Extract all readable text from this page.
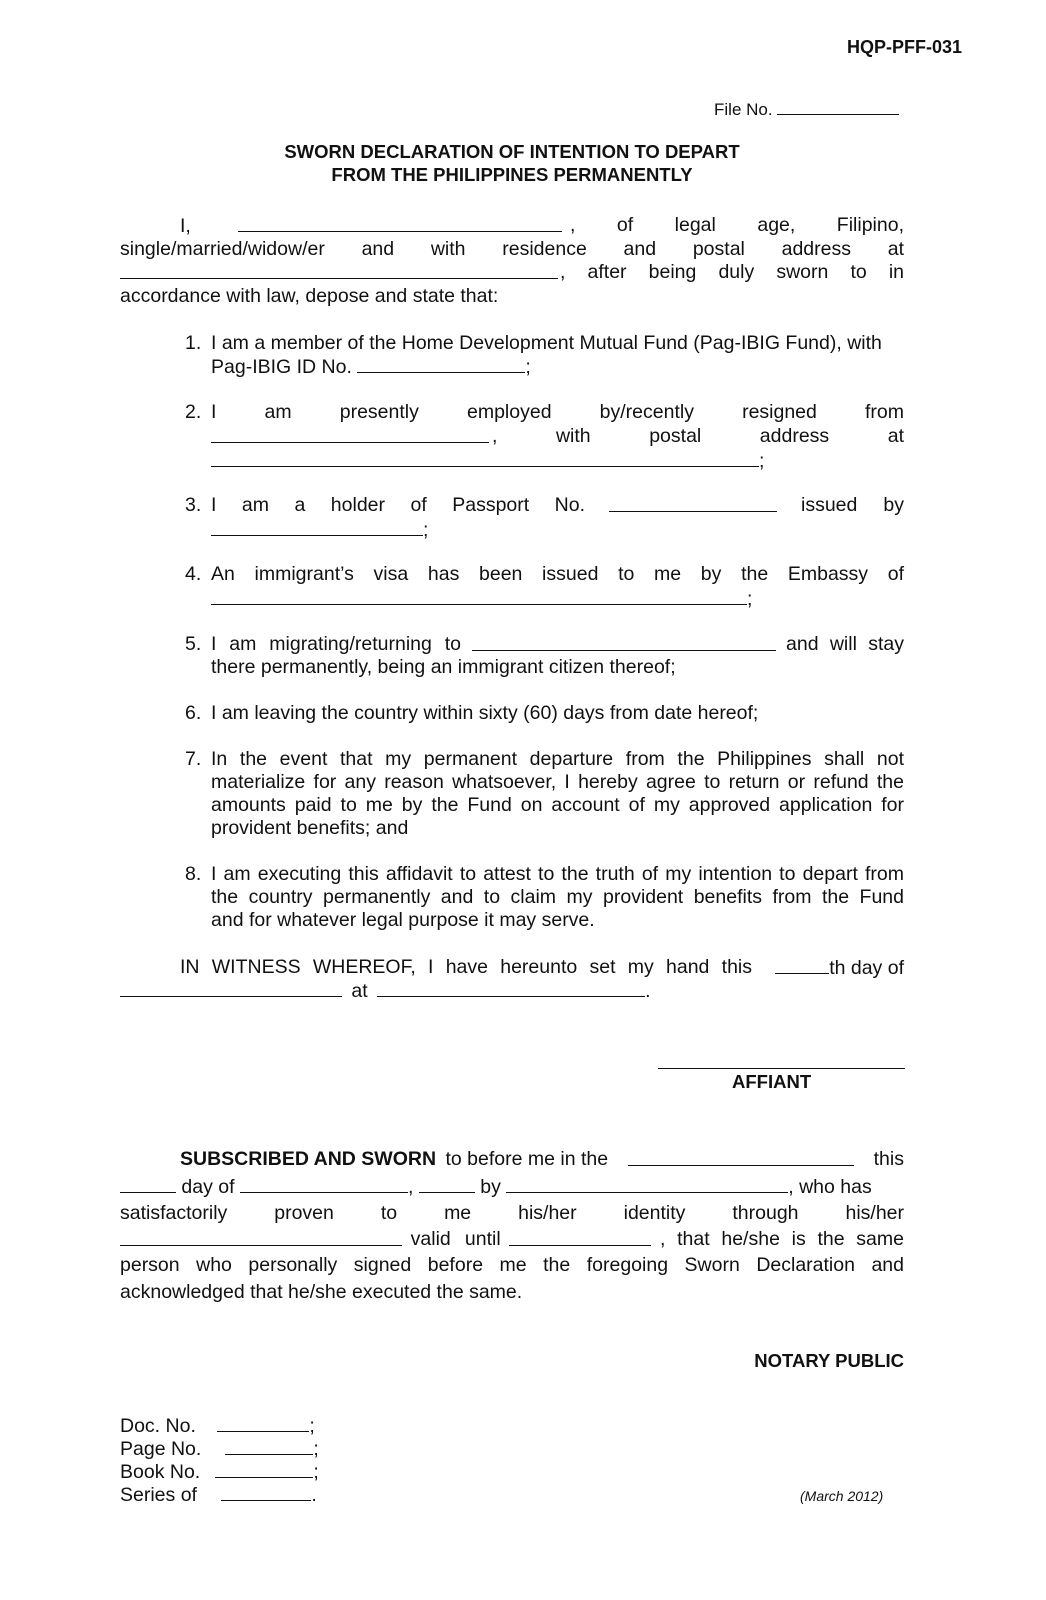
HQP-PFF-031
File No.
SWORN DECLARATION OF INTENTION TO DEPART
FROM THE PHILIPPINES PERMANENTLY
I,	, of legal age, Filipino,
single/married/widow/er and with residence and postal address at
, after being duly sworn to in
accordance with law, depose and state that:
1. I am a member of the Home Development Mutual Fund (Pag-IBIG Fund), with
Pag-IBIG ID No.	;
2. I am presently employed by/recently resigned from
, with postal address at
;
3. I am a holder of Passport No.	issued by
;
4. An immigrant’s visa has been issued to me by the Embassy of
;
5. I am migrating/returning to	and will stay
there permanently, being an immigrant citizen thereof;
6. I am leaving the country within sixty (60) days from date hereof;
7. In the event that my permanent departure from the Philippines shall not
materialize for any reason whatsoever, I hereby agree to return or refund the
amounts paid to me by the Fund on account of my approved application for
provident benefits; and
8. I am executing this affidavit to attest to the truth of my intention to depart from
the country permanently and to claim my provident benefits from the Fund
and for whatever legal purpose it may serve.
IN WITNESS WHEREOF, I have hereunto set my hand this	th day of
at	.
AFFIANT
SUBSCRIBED AND SWORN to before me in the	this
day of	,	by	, who has
satisfactorily proven to me his/her identity through his/her
valid until	, that he/she is the same
person who personally signed before me the foregoing Sworn Declaration and
acknowledged that he/she executed the same.
NOTARY PUBLIC
Doc. No.	;
Page No.	;
Book No.	;
Series of	.	(March 2012)
